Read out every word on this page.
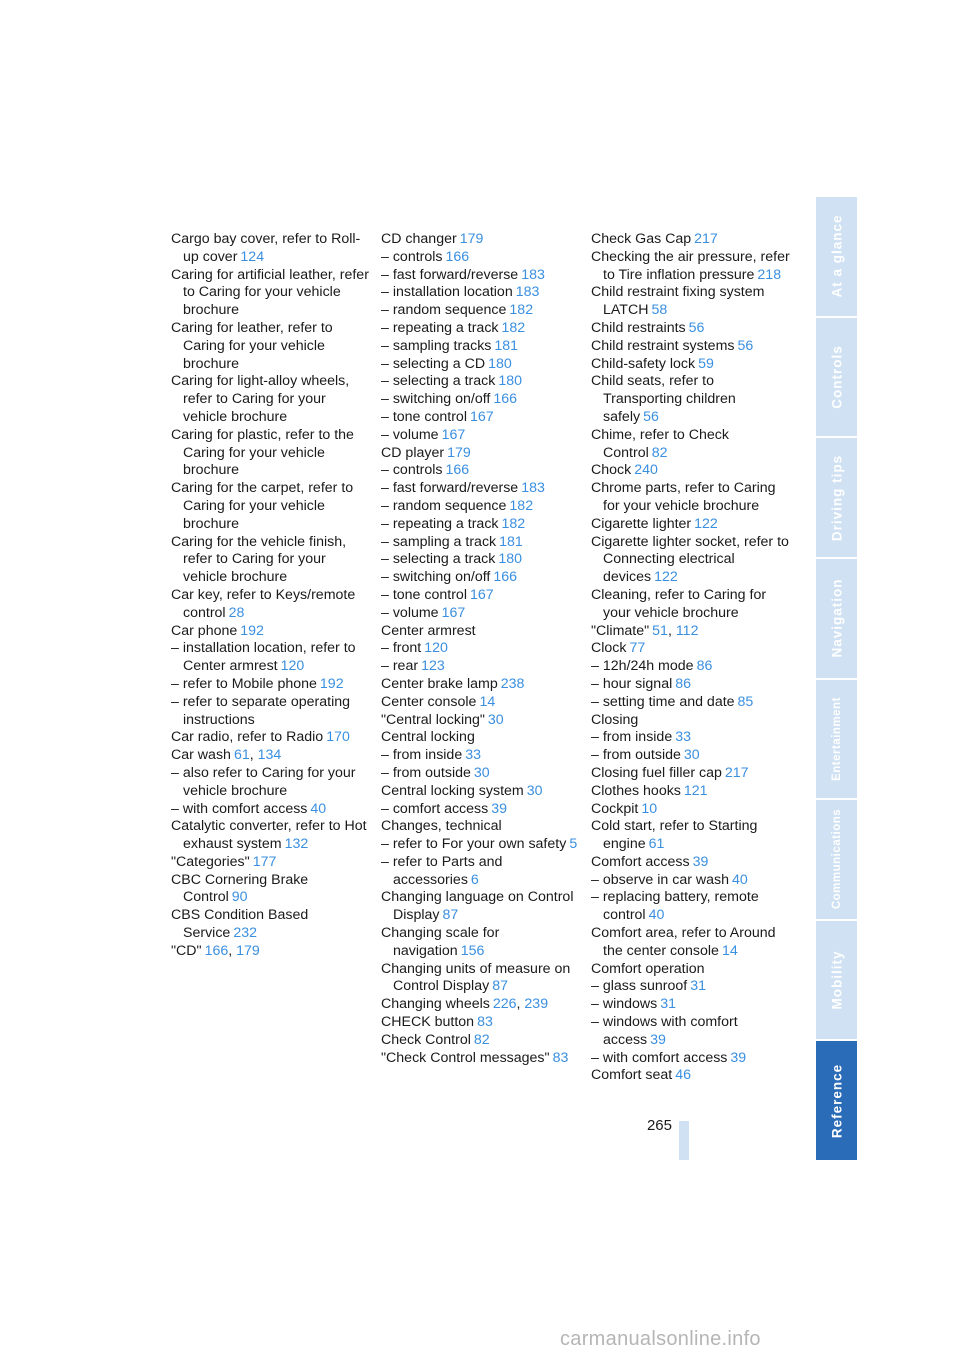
Cargo bay cover, refer to Roll-up cover 124
Caring for artificial leather, refer to Caring for your vehicle brochure
Caring for leather, refer to Caring for your vehicle brochure
Caring for light-alloy wheels, refer to Caring for your vehicle brochure
Caring for plastic, refer to the Caring for your vehicle brochure
Caring for the carpet, refer to Caring for your vehicle brochure
Caring for the vehicle finish, refer to Caring for your vehicle brochure
Car key, refer to Keys/remote control 28
Car phone 192
– installation location, refer to Center armrest 120
– refer to Mobile phone 192
– refer to separate operating instructions
Car radio, refer to Radio 170
Car wash 61, 134
– also refer to Caring for your vehicle brochure
– with comfort access 40
Catalytic converter, refer to Hot exhaust system 132
"Categories" 177
CBC Cornering Brake Control 90
CBS Condition Based Service 232
"CD" 166, 179
CD changer 179
– controls 166
– fast forward/reverse 183
– installation location 183
– random sequence 182
– repeating a track 182
– sampling tracks 181
– selecting a CD 180
– selecting a track 180
– switching on/off 166
– tone control 167
– volume 167
CD player 179
– controls 166
– fast forward/reverse 183
– random sequence 182
– repeating a track 182
– sampling a track 181
– selecting a track 180
– switching on/off 166
– tone control 167
– volume 167
Center armrest
– front 120
– rear 123
Center brake lamp 238
Center console 14
"Central locking" 30
Central locking
– from inside 33
– from outside 30
Central locking system 30
– comfort access 39
Changes, technical
– refer to For your own safety 5
– refer to Parts and accessories 6
Changing language on Control Display 87
Changing scale for navigation 156
Changing units of measure on Control Display 87
Changing wheels 226, 239
CHECK button 83
Check Control 82
"Check Control messages" 83
Check Gas Cap 217
Checking the air pressure, refer to Tire inflation pressure 218
Child restraint fixing system LATCH 58
Child restraints 56
Child restraint systems 56
Child-safety lock 59
Child seats, refer to Transporting children safely 56
Chime, refer to Check Control 82
Chock 240
Chrome parts, refer to Caring for your vehicle brochure
Cigarette lighter 122
Cigarette lighter socket, refer to Connecting electrical devices 122
Cleaning, refer to Caring for your vehicle brochure
"Climate" 51, 112
Clock 77
– 12h/24h mode 86
– hour signal 86
– setting time and date 85
Closing
– from inside 33
– from outside 30
Closing fuel filler cap 217
Clothes hooks 121
Cockpit 10
Cold start, refer to Starting engine 61
Comfort access 39
– observe in car wash 40
– replacing battery, remote control 40
Comfort area, refer to Around the center console 14
Comfort operation
– glass sunroof 31
– windows 31
– windows with comfort access 39
– with comfort access 39
Comfort seat 46
265
At a glance
Controls
Driving tips
Navigation
Entertainment
Communications
Mobility
Reference
carmanualsonline.info
